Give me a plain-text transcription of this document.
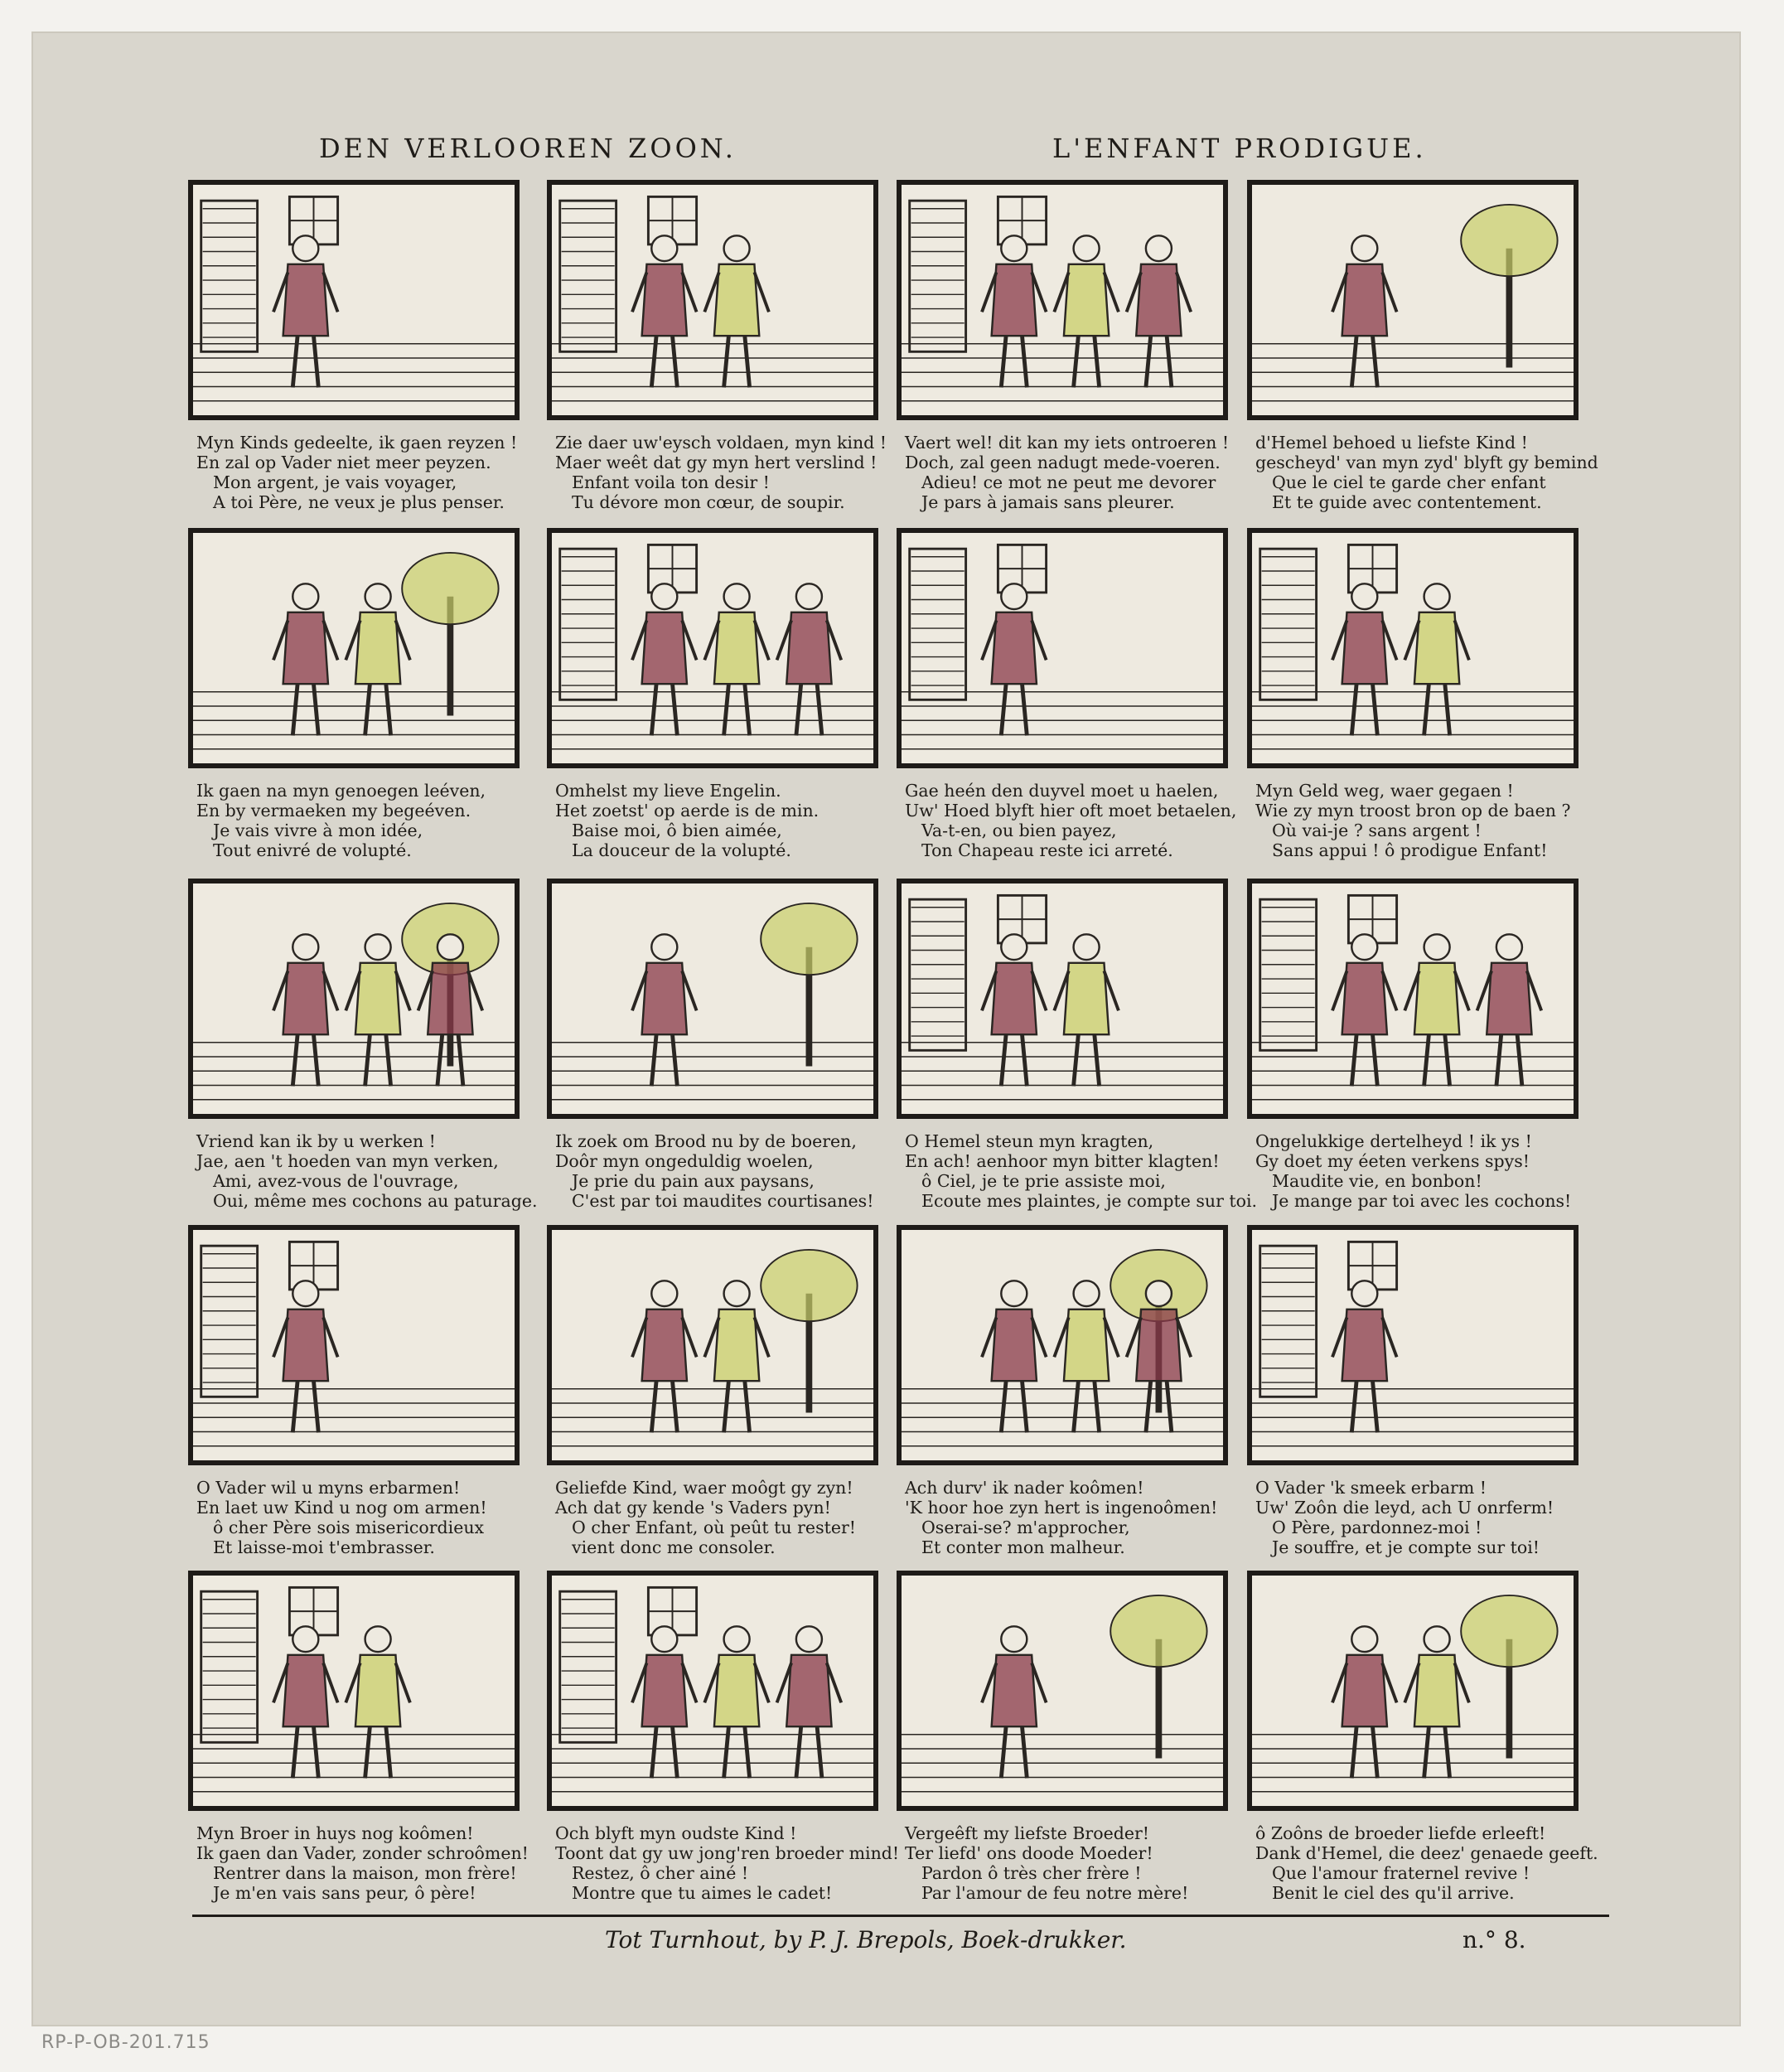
DEN VERLOOREN ZOON.	L'ENFANT PRODIGUE.
Myn Kinds gedeelte, ik gaen reyzen !
En zal op Vader niet meer peyzen.
Mon argent, je vais voyager,
A toi Père, ne veux je plus penser.
Zie daer uw'eysch voldaen, myn kind !
Maer weêt dat gy myn hert verslind !
Enfant voila ton desir !
Tu dévore mon cœur, de soupir.
Vaert wel! dit kan my iets ontroeren !
Doch, zal geen nadugt mede-voeren.
Adieu! ce mot ne peut me devorer
Je pars à jamais sans pleurer.
d'Hemel behoed u liefste Kind !
gescheyd' van myn zyd' blyft gy bemind
Que le ciel te garde cher enfant
Et te guide avec contentement.
Ik gaen na myn genoegen leéven,
En by vermaeken my begeéven.
Je vais vivre à mon idée,
Tout enivré de volupté.
Omhelst my lieve Engelin.
Het zoetst' op aerde is de min.
Baise moi, ô bien aimée,
La douceur de la volupté.
Gae heén den duyvel moet u haelen,
Uw' Hoed blyft hier oft moet betaelen,
Va-t-en, ou bien payez,
Ton Chapeau reste ici arreté.
Myn Geld weg, waer gegaen !
Wie zy myn troost bron op de baen ?
Où vai-je ? sans argent !
Sans appui ! ô prodigue Enfant!
Vriend kan ik by u werken !
Jae, aen 't hoeden van myn verken,
Ami, avez-vous de l'ouvrage,
Oui, même mes cochons au paturage.
Ik zoek om Brood nu by de boeren,
Doôr myn ongeduldig woelen,
Je prie du pain aux paysans,
C'est par toi maudites courtisanes!
O Hemel steun myn kragten,
En ach! aenhoor myn bitter klagten!
ô Ciel, je te prie assiste moi,
Ecoute mes plaintes, je compte sur toi.
Ongelukkige dertelheyd ! ik ys !
Gy doet my éeten verkens spys!
Maudite vie, en bonbon!
Je mange par toi avec les cochons!
O Vader wil u myns erbarmen!
En laet uw Kind u nog om armen!
ô cher Père sois misericordieux
Et laisse-moi t'embrasser.
Geliefde Kind, waer moôgt gy zyn!
Ach dat gy kende 's Vaders pyn!
O cher Enfant, où peût tu rester!
vient donc me consoler.
Ach durv' ik nader koômen!
'K hoor hoe zyn hert is ingenoômen!
Oserai-se? m'approcher,
Et conter mon malheur.
O Vader 'k smeek erbarm !
Uw' Zoôn die leyd, ach U onrferm!
O Père, pardonnez-moi !
Je souffre, et je compte sur toi!
Myn Broer in huys nog koômen!
Ik gaen dan Vader, zonder schroômen!
Rentrer dans la maison, mon frère!
Je m'en vais sans peur, ô père!
Och blyft myn oudste Kind !
Toont dat gy uw jong'ren broeder mind!
Restez, ô cher ainé !
Montre que tu aimes le cadet!
Vergeêft my liefste Broeder!
Ter liefd' ons doode Moeder!
Pardon ô très cher frère !
Par l'amour de feu notre mère!
ô Zoôns de broeder liefde erleeft!
Dank d'Hemel, die deez' genaede geeft.
Que l'amour fraternel revive !
Benit le ciel des qu'il arrive.
Tot Turnhout, by P. J. Brepols, Boek-drukker.	n.° 8.
RP-P-OB-201.715
